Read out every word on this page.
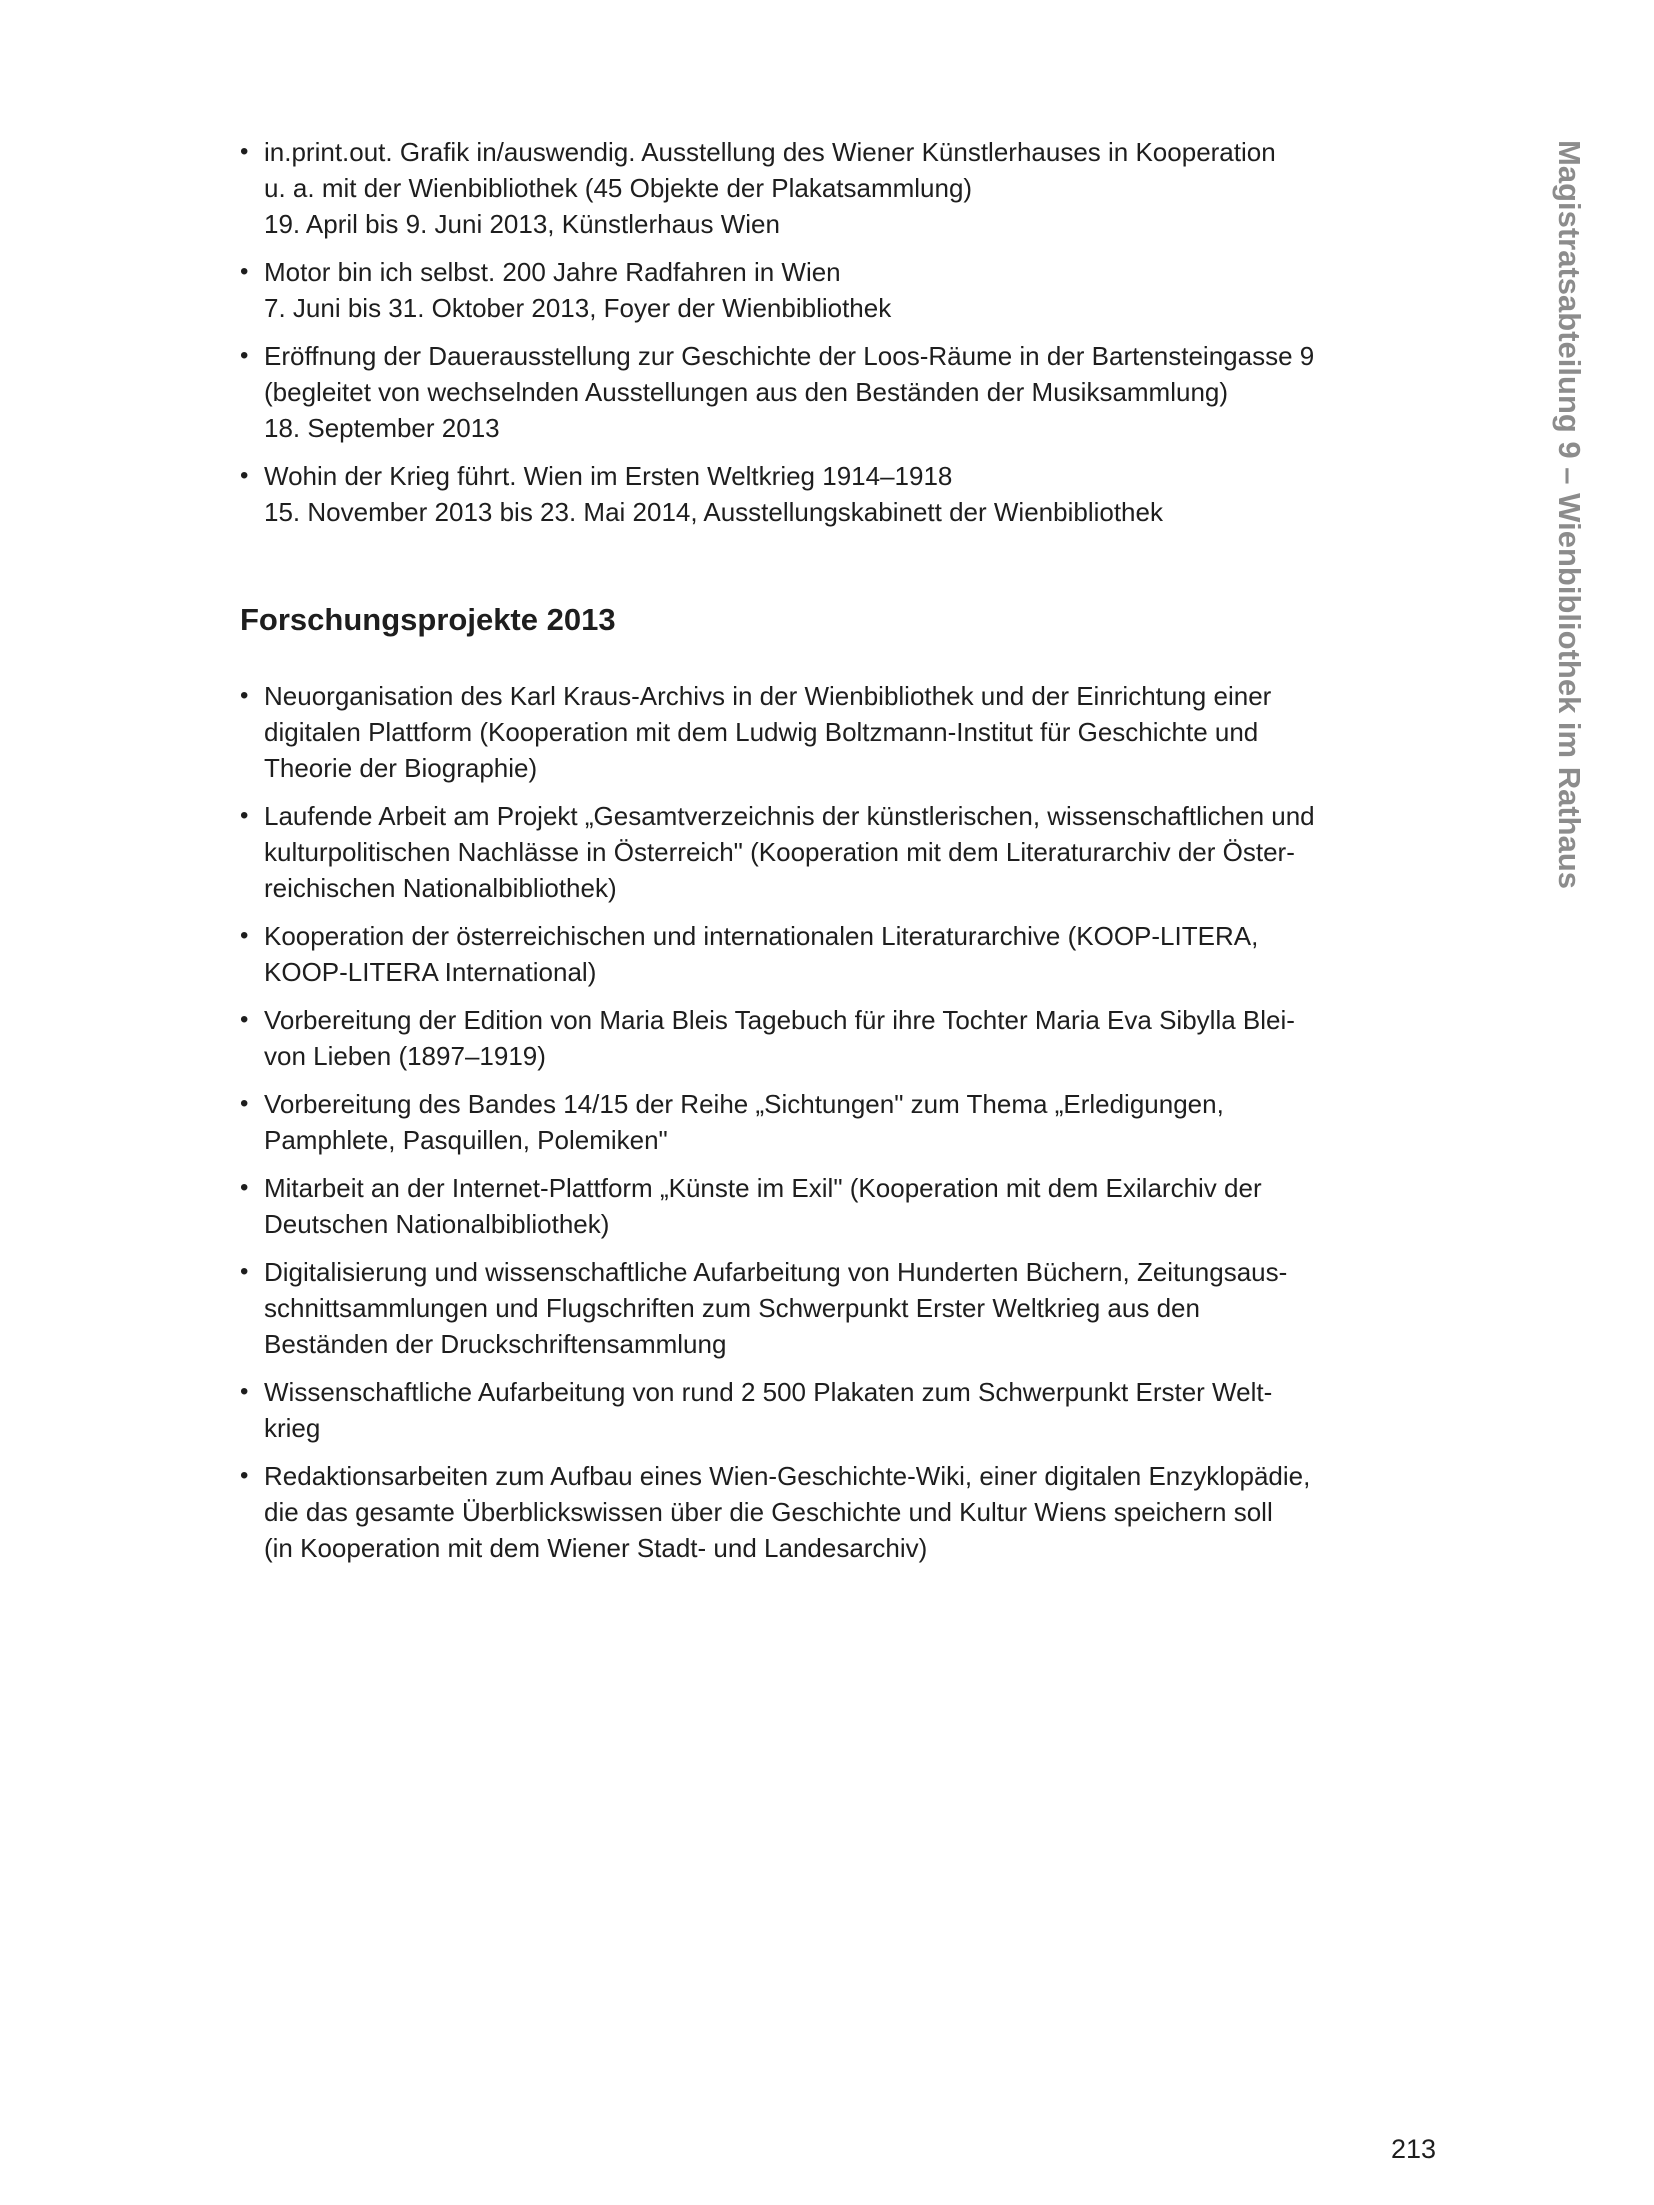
• in.print.out. Grafik in/auswendig. Ausstellung des Wiener Künstlerhauses in Kooperation
u. a. mit der Wienbibliothek (45 Objekte der Plakatsammlung)
19. April bis 9. Juni 2013, Künstlerhaus Wien
• Motor bin ich selbst. 200 Jahre Radfahren in Wien
7. Juni bis 31. Oktober 2013, Foyer der Wienbibliothek
• Eröffnung der Dauerausstellung zur Geschichte der Loos-Räume in der Bartensteingasse 9
(begleitet von wechselnden Ausstellungen aus den Beständen der Musiksammlung)
18. September 2013
• Wohin der Krieg führt. Wien im Ersten Weltkrieg 1914–1918
15. November 2013 bis 23. Mai 2014, Ausstellungskabinett der Wienbibliothek
Forschungsprojekte 2013
• Neuorganisation des Karl Kraus-Archivs in der Wienbibliothek und der Einrichtung einer
digitalen Plattform (Kooperation mit dem Ludwig Boltzmann-Institut für Geschichte und
Theorie der Biographie)
• Laufende Arbeit am Projekt „Gesamtverzeichnis der künstlerischen, wissenschaftlichen und
kulturpolitischen Nachlässe in Österreich" (Kooperation mit dem Literaturarchiv der Öster-
reichischen Nationalbibliothek)
• Kooperation der österreichischen und internationalen Literaturarchive (KOOP-LITERA,
KOOP-LITERA International)
• Vorbereitung der Edition von Maria Bleis Tagebuch für ihre Tochter Maria Eva Sibylla Blei-
von Lieben (1897–1919)
• Vorbereitung des Bandes 14/15 der Reihe „Sichtungen" zum Thema „Erledigungen,
Pamphlete, Pasquillen, Polemiken"
• Mitarbeit an der Internet-Plattform „Künste im Exil" (Kooperation mit dem Exilarchiv der
Deutschen Nationalbibliothek)
• Digitalisierung und wissenschaftliche Aufarbeitung von Hunderten Büchern, Zeitungsaus-
schnittsammlungen und Flugschriften zum Schwerpunkt Erster Weltkrieg aus den
Beständen der Druckschriftensammlung
• Wissenschaftliche Aufarbeitung von rund 2 500 Plakaten zum Schwerpunkt Erster Welt-
krieg
• Redaktionsarbeiten zum Aufbau eines Wien-Geschichte-Wiki, einer digitalen Enzyklopädie,
die das gesamte Überblickswissen über die Geschichte und Kultur Wiens speichern soll
(in Kooperation mit dem Wiener Stadt- und Landesarchiv)
Magistratsabteilung 9 – Wienbibliothek im Rathaus
213
